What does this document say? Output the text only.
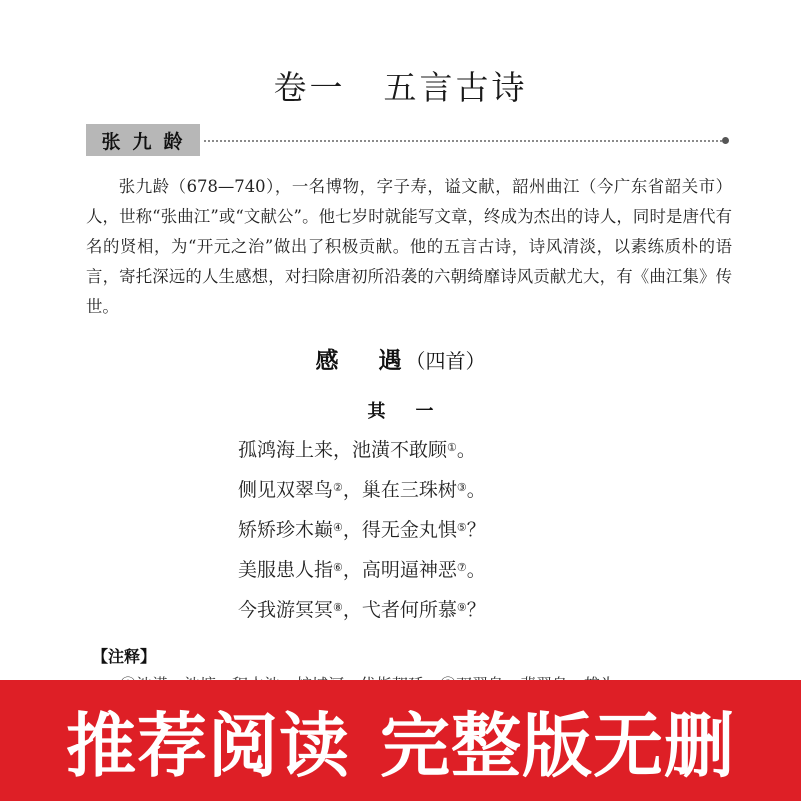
卷一 五言古诗
张九龄
张九龄（678—740），一名博物，字子寿，谥文献，韶州曲江（今广东省韶关市）人，世称“张曲江”或“文献公”。他七岁时就能写文章，终成为杰出的诗人，同时是唐代有名的贤相，为“开元之治”做出了积极贡献。他的五言古诗，诗风清淡，以素练质朴的语言，寄托深远的人生感想，对扫除唐初所沿袭的六朝绮靡诗风贡献尤大，有《曲江集》传世。
感 遇 （四首）
其 一
孤鸿海上来，池潢不敢顾①。
侧见双翠鸟②，巢在三珠树③。
矫矫珍木巅④，得无金丸惧⑤？
美服患人指⑥，高明逼神恶⑦。
今我游冥冥⑧，弋者何所慕⑨？
【注释】
推荐阅读 完整版无删
